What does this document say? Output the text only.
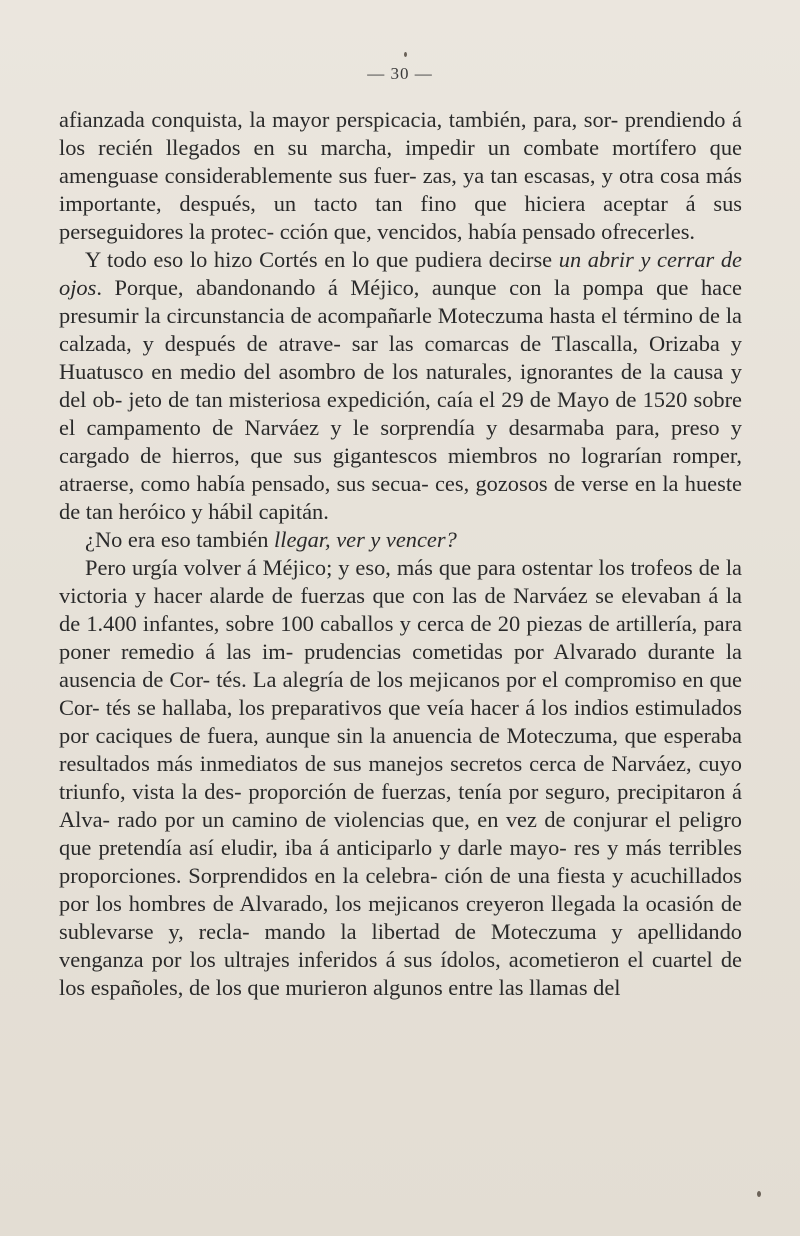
— 30 —

afianzada conquista, la mayor perspicacia, también, para, sor- prendiendo á los recién llegados en su marcha, impedir un combate mortífero que amenguase considerablemente sus fuer- zas, ya tan escasas, y otra cosa más importante, después, un tacto tan fino que hiciera aceptar á sus perseguidores la protec- cción que, vencidos, había pensado ofrecerles.

Y todo eso lo hizo Cortés en lo que pudiera decirse un abrir y cerrar de ojos. Porque, abandonando á Méjico, aunque con la pompa que hace presumir la circunstancia de acompañarle Moteczuma hasta el término de la calzada, y después de atrave- sar las comarcas de Tlascalla, Orizaba y Huatusco en medio del asombro de los naturales, ignorantes de la causa y del ob- jeto de tan misteriosa expedición, caía el 29 de Mayo de 1520 sobre el campamento de Narváez y le sorprendía y desarmaba para, preso y cargado de hierros, que sus gigantescos miembros no lograrían romper, atraerse, como había pensado, sus secua- ces, gozosos de verse en la hueste de tan heróico y hábil capitán.

¿No era eso también llegar, ver y vencer?

Pero urgía volver á Méjico; y eso, más que para ostentar los trofeos de la victoria y hacer alarde de fuerzas que con las de Narváez se elevaban á la de 1.400 infantes, sobre 100 caballos y cerca de 20 piezas de artillería, para poner remedio á las im- prudencias cometidas por Alvarado durante la ausencia de Cor- tés. La alegría de los mejicanos por el compromiso en que Cor- tés se hallaba, los preparativos que veía hacer á los indios estimulados por caciques de fuera, aunque sin la anuencia de Moteczuma, que esperaba resultados más inmediatos de sus manejos secretos cerca de Narváez, cuyo triunfo, vista la des- proporción de fuerzas, tenía por seguro, precipitaron á Alva- rado por un camino de violencias que, en vez de conjurar el peligro que pretendía así eludir, iba á anticiparlo y darle mayo- res y más terribles proporciones. Sorprendidos en la celebra- ción de una fiesta y acuchillados por los hombres de Alvarado, los mejicanos creyeron llegada la ocasión de sublevarse y, recla- mando la libertad de Moteczuma y apellidando venganza por los ultrajes inferidos á sus ídolos, acometieron el cuartel de los españoles, de los que murieron algunos entre las llamas del
